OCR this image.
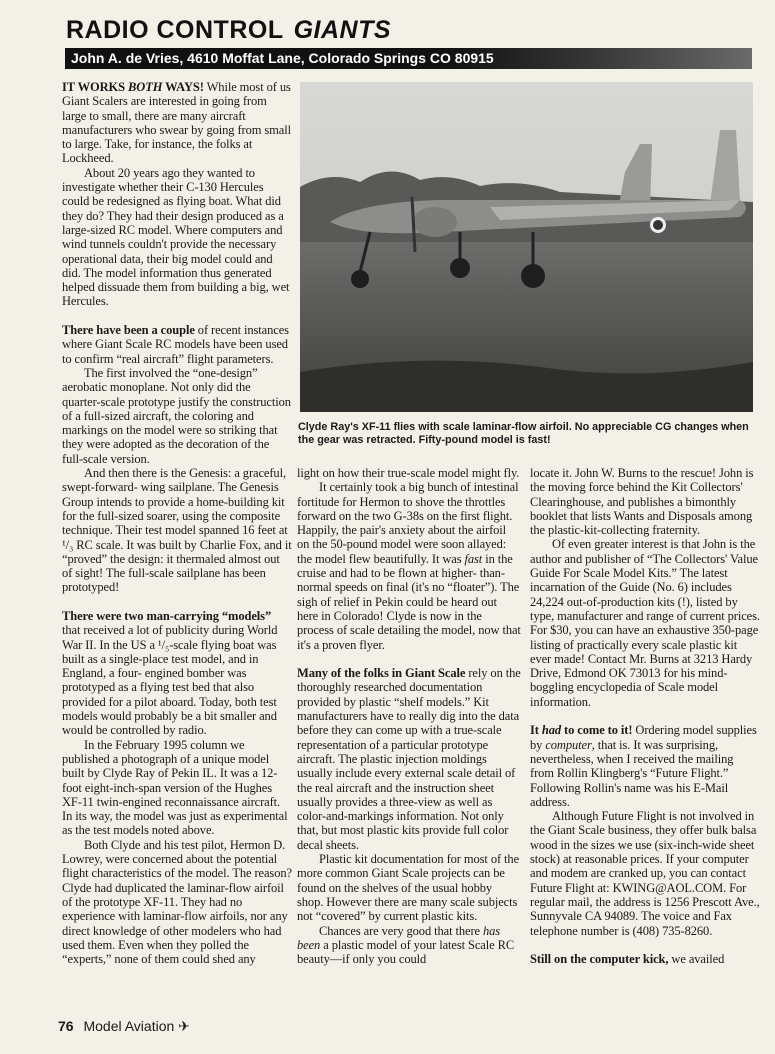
RADIO CONTROL GIANTS
John A. de Vries, 4610 Moffat Lane, Colorado Springs CO 80915

IT WORKS BOTH WAYS! While most of us Giant Scalers are interested in going from large to small, there are many aircraft manufacturers who swear by going from small to large. Take, for instance, the folks at Lockheed.

About 20 years ago they wanted to investigate whether their C-130 Hercules could be redesigned as flying boat. What did they do? They had their design produced as a large-sized RC model. Where computers and wind tunnels couldn't provide the necessary operational data, their big model could and did. The model information thus generated helped dissuade them from building a big, wet Hercules.

There have been a couple of recent instances where Giant Scale RC models have been used to confirm “real aircraft” flight parameters.

The first involved the “one-design” aerobatic monoplane. Not only did the quarter-scale prototype justify the construction of a full-sized aircraft, the coloring and markings on the model were so striking that they were adopted as the decoration of the full-scale version.

And then there is the Genesis: a graceful, swept-forward- wing sailplane. The Genesis Group intends to provide a home-building kit for the full-sized soarer, using the composite technique. Their test model spanned 16 feet at ¹/₃ RC scale. It was built by Charlie Fox, and it “proved” the design: it thermaled almost out of sight! The full-scale sailplane has been prototyped!

There were two man-carrying “models” that received a lot of publicity during World War II. In the US a ¹/₅-scale flying boat was built as a single-place test model, and in England, a four- engined bomber was prototyped as a flying test bed that also provided for a pilot aboard. Today, both test models would probably be a bit smaller and would be controlled by radio.

In the February 1995 column we published a photograph of a unique model built by Clyde Ray of Pekin IL. It was a 12-foot eight-inch-span version of the Hughes XF-11 twin-engined reconnaissance aircraft. In its way, the model was just as experimental as the test models noted above.

Both Clyde and his test pilot, Hermon D. Lowrey, were concerned about the potential flight characteristics of the model. The reason? Clyde had duplicated the laminar-flow airfoil of the prototype XF-11. They had no experience with laminar-flow airfoils, nor any direct knowledge of other modelers who had used them. Even when they polled the “experts,” none of them could shed any

light on how their true-scale model might fly.

It certainly took a big bunch of intestinal fortitude for Hermon to shove the throttles forward on the two G-38s on the first flight. Happily, the pair's anxiety about the airfoil on the 50-pound model were soon allayed: the model flew beautifully. It was fast in the cruise and had to be flown at higher- than-normal speeds on final (it's no “floater”). The sigh of relief in Pekin could be heard out here in Colorado! Clyde is now in the process of scale detailing the model, now that it's a proven flyer.

Many of the folks in Giant Scale rely on the thoroughly researched documentation provided by plastic “shelf models.” Kit manufacturers have to really dig into the data before they can come up with a true-scale representation of a particular prototype aircraft. The plastic injection moldings usually include every external scale detail of the real aircraft and the instruction sheet usually provides a three-view as well as color-and-markings information. Not only that, but most plastic kits provide full color decal sheets.

Plastic kit documentation for most of the more common Giant Scale projects can be found on the shelves of the usual hobby shop. However there are many scale subjects not “covered” by current plastic kits.

Chances are very good that there has been a plastic model of your latest Scale RC beauty—if only you could

locate it. John W. Burns to the rescue! John is the moving force behind the Kit Collectors' Clearinghouse, and publishes a bimonthly booklet that lists Wants and Disposals among the plastic-kit-collecting fraternity.

Of even greater interest is that John is the author and publisher of “The Collectors' Value Guide For Scale Model Kits.” The latest incarnation of the Guide (No. 6) includes 24,224 out-of-production kits (!), listed by type, manufacturer and range of current prices. For $30, you can have an exhaustive 350-page listing of practically every scale plastic kit ever made! Contact Mr. Burns at 3213 Hardy Drive, Edmond OK 73013 for his mind-boggling encyclopedia of Scale model information.

It had to come to it! Ordering model supplies by computer, that is. It was surprising, nevertheless, when I received the mailing from Rollin Klingberg's “Future Flight.” Following Rollin's name was his E-Mail address.

Although Future Flight is not involved in the Giant Scale business, they offer bulk balsa wood in the sizes we use (six-inch-wide sheet stock) at reasonable prices. If your computer and modem are cranked up, you can contact Future Flight at: KWING@AOL.COM. For regular mail, the address is 1256 Prescott Ave., Sunnyvale CA 94089. The voice and Fax telephone number is (408) 735-8260.

Still on the computer kick, we availed

Clyde Ray's XF-11 flies with scale laminar-flow airfoil. No appreciable CG changes when the gear was retracted. Fifty-pound model is fast!
76 Model Aviation ✈
